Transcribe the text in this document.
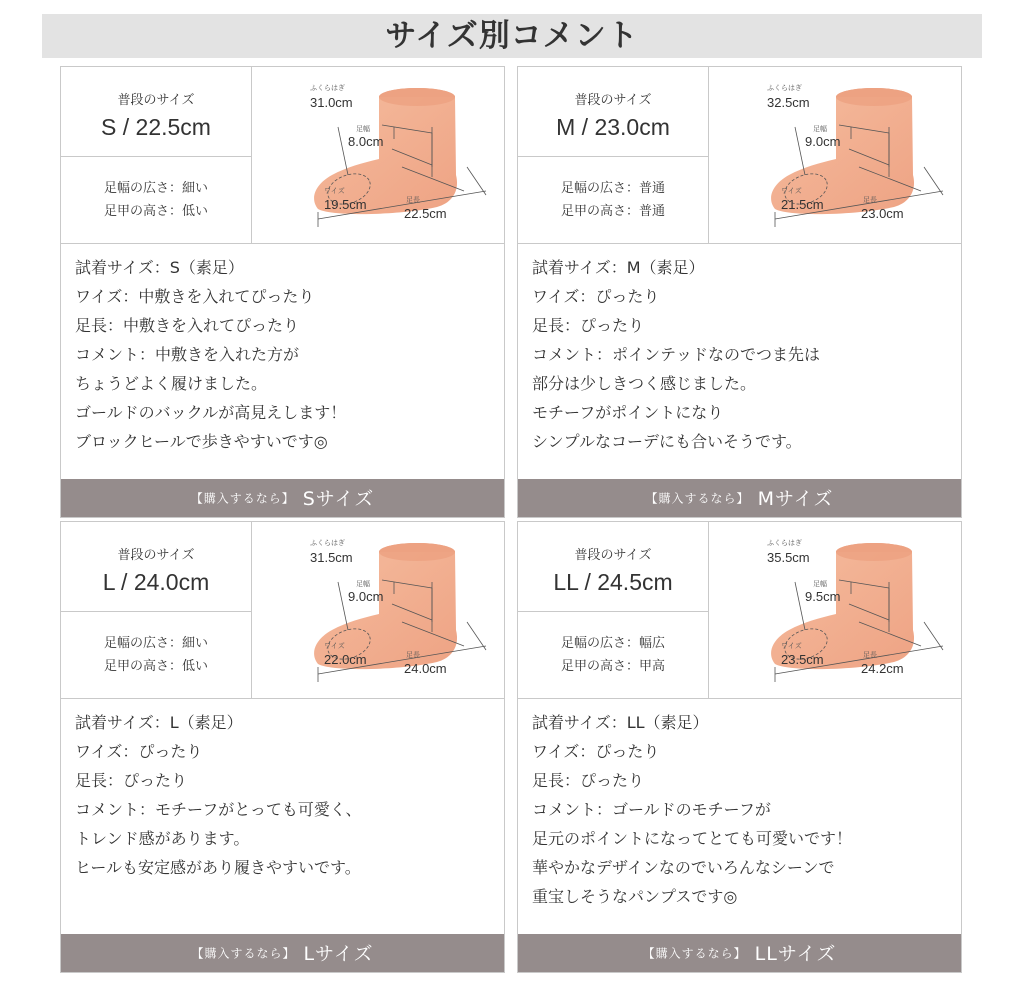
サイズ別コメント
普段のサイズ
S / 22.5cm
足幅の広さ：細い
足甲の高さ：低い
ふくらはぎ
31.0cm
足幅
8.0cm
ワイズ
19.5cm	足長
22.5cm
試着サイズ：S（素足）
ワイズ：中敷きを入れてぴったり
足長：中敷きを入れてぴったり
コメント：中敷きを入れた方が
ちょうどよく履けました。
ゴールドのバックルが高見えします！
ブロックヒールで歩きやすいです◎
【購入するなら】 Sサイズ
普段のサイズ
M / 23.0cm
足幅の広さ：普通
足甲の高さ：普通
ふくらはぎ
32.5cm
足幅
9.0cm
ワイズ
21.5cm	足長
23.0cm
試着サイズ：M（素足）
ワイズ：ぴったり
足長：ぴったり
コメント：ポインテッドなのでつま先は
部分は少しきつく感じました。
モチーフがポイントになり
シンプルなコーデにも合いそうです。
【購入するなら】 Mサイズ
普段のサイズ
L / 24.0cm
足幅の広さ：細い
足甲の高さ：低い
ふくらはぎ
31.5cm
足幅
9.0cm
ワイズ
22.0cm	足長
24.0cm
試着サイズ：L（素足）
ワイズ：ぴったり
足長：ぴったり
コメント：モチーフがとっても可愛く、
トレンド感があります。
ヒールも安定感があり履きやすいです。
【購入するなら】 Lサイズ
普段のサイズ
LL / 24.5cm
足幅の広さ：幅広
足甲の高さ：甲高
ふくらはぎ
35.5cm
足幅
9.5cm
ワイズ
23.5cm	足長
24.2cm
試着サイズ：LL（素足）
ワイズ：ぴったり
足長：ぴったり
コメント：ゴールドのモチーフが
足元のポイントになってとても可愛いです！
華やかなデザインなのでいろんなシーンで
重宝しそうなパンプスです◎
【購入するなら】 LLサイズ
